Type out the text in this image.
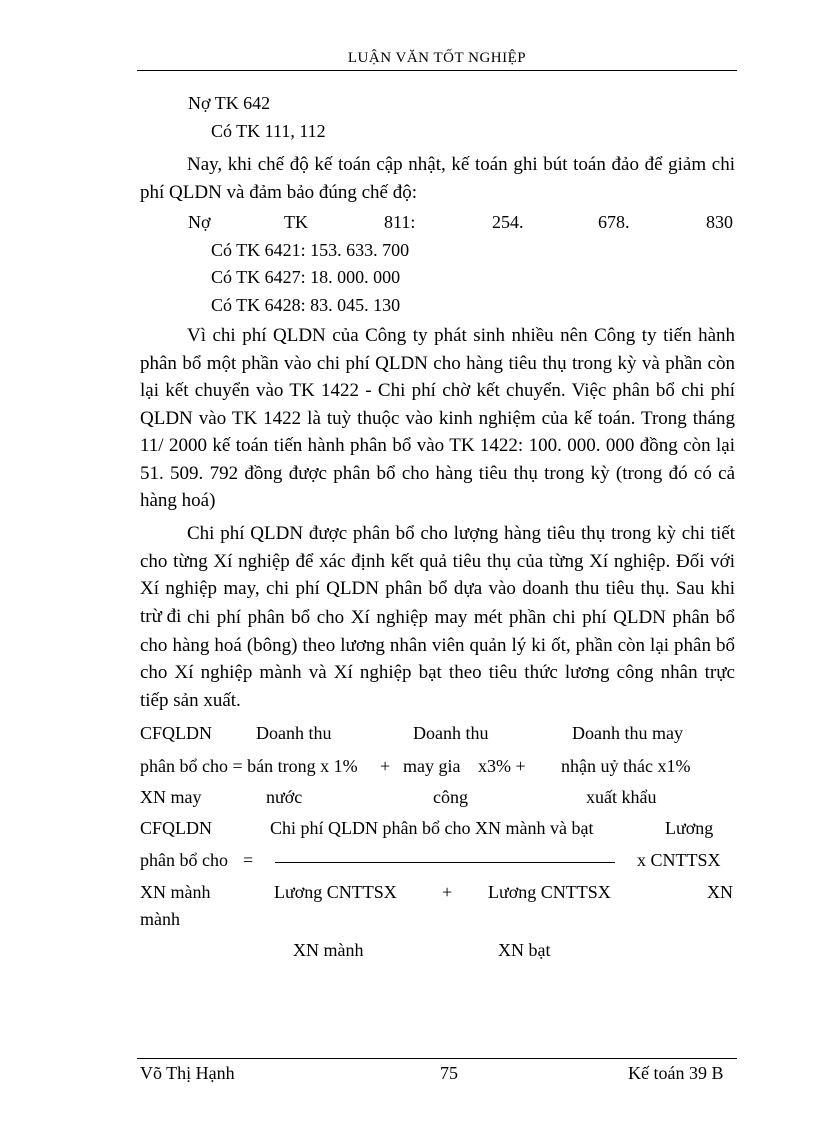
LUẬN VĂN TỐT NGHIỆP
Nợ TK 642
Có TK 111, 112
Nay, khi chế độ kế toán cập nhật, kế toán ghi bút toán đảo để giảm chi phí QLDN và đảm bảo đúng chế độ:
Nợ	TK	811:	254.	678.	830
Có TK 6421: 153. 633. 700
Có TK 6427: 18. 000. 000
Có TK 6428: 83. 045. 130
Vì chi phí QLDN của Công ty phát sinh nhiều nên Công ty tiến hành phân bổ một phần vào chi phí QLDN cho hàng tiêu thụ trong kỳ và phần còn lại kết chuyển vào TK 1422 - Chi phí chờ kết chuyển. Việc phân bổ chi phí QLDN vào TK 1422 là tuỳ thuộc vào kinh nghiệm của kế toán. Trong tháng 11/ 2000 kế toán tiến hành phân bổ vào TK 1422: 100. 000. 000 đồng còn lại 51. 509. 792 đồng được phân bổ cho hàng tiêu thụ trong kỳ (trong đó có cả hàng hoá)
Chi phí QLDN được phân bổ cho lượng hàng tiêu thụ trong kỳ chi tiết cho từng Xí nghiệp để xác định kết quả tiêu thụ của từng Xí nghiệp. Đối với Xí nghiệp may, chi phí QLDN phân bổ dựa vào doanh thu tiêu thụ. Sau khi trừ đi chi phí phân bổ cho Xí nghiệp may mét phần chi phí QLDN phân bổ cho hàng hoá (bông) theo lương nhân viên quản lý ki ốt, phần còn lại phân bổ cho Xí nghiệp mành và Xí nghiệp bạt theo tiêu thức lương công nhân trực tiếp sản xuất.
CFQLDN Doanh thu	Doanh thu	Doanh thu may
phân bổ cho = bán trong x 1% + may gia x3% + nhận uỷ thác x1%
XN may	nước	công	xuất khẩu
CFQLDN	Chi phí QLDN phân bổ cho XN mành và bạt	Lương
phân bổ cho =	x CNTTSX
XN mành	Lương CNTTSX	+ Lương CNTTSX	XN
mành
XN mành	XN bạt
Võ Thị Hạnh	75	Kế toán 39 B
